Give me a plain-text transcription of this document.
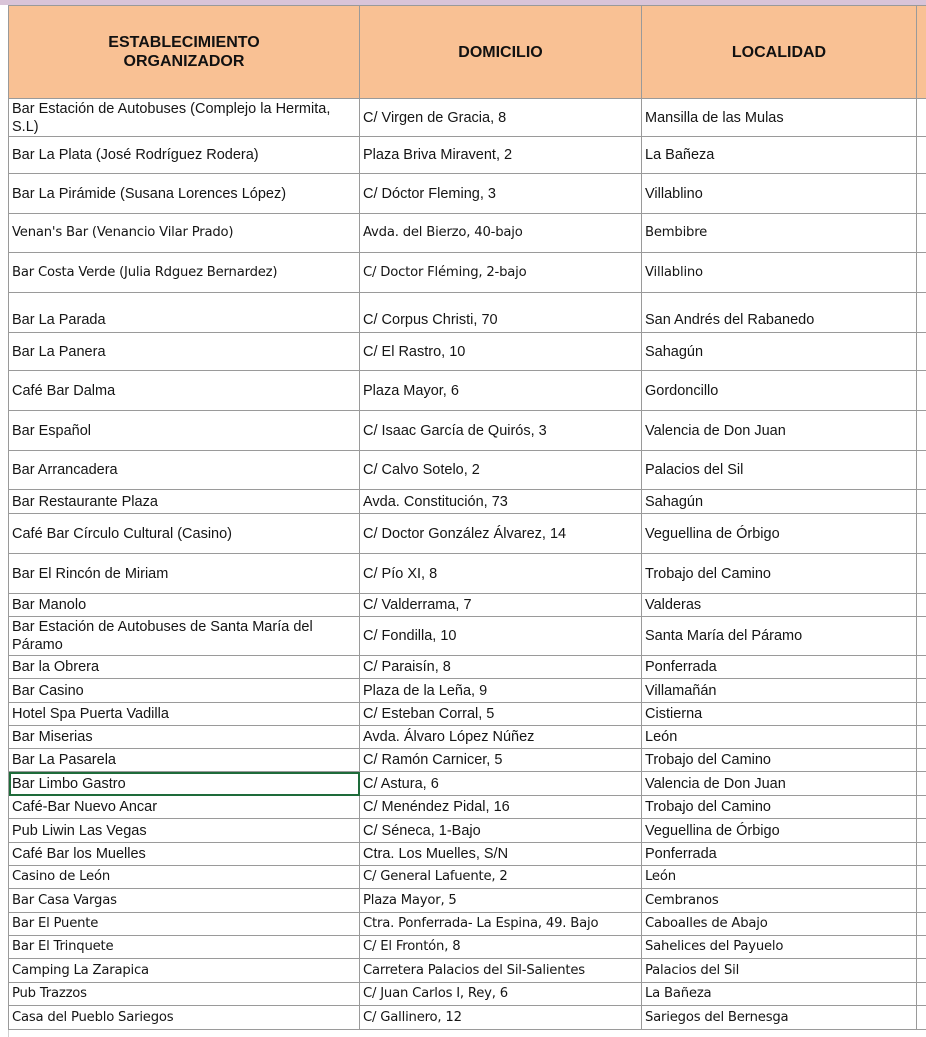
ESTABLECIMIENTO
ORGANIZADOR	DOMICILIO	LOCALIDAD	

Bar Estación de Autobuses (Complejo la Hermita, S.L)	C/ Virgen de Gracia, 8	Mansilla de las Mulas	
Bar La Plata (José Rodríguez Rodera)	Plaza Briva Miravent, 2	La Bañeza	
Bar La Pirámide (Susana Lorences López)	C/ Dóctor Fleming, 3	Villablino	
Venan's Bar (Venancio Vilar Prado)	Avda. del Bierzo, 40-bajo	Bembibre	
Bar Costa Verde (Julia Rdguez Bernardez)	C/ Doctor Fléming, 2-bajo	Villablino	
Bar La Parada	C/ Corpus Christi, 70	San Andrés del Rabanedo	
Bar La Panera	C/ El Rastro, 10	Sahagún	
Café Bar Dalma	Plaza Mayor, 6	Gordoncillo	
Bar Español	C/ Isaac García de Quirós, 3	Valencia de Don Juan	
Bar Arrancadera	C/ Calvo Sotelo, 2	Palacios del Sil	
Bar Restaurante Plaza	Avda. Constitución, 73	Sahagún	
Café Bar Círculo Cultural (Casino)	C/ Doctor González Álvarez, 14	Veguellina de Órbigo	
Bar El Rincón de Miriam	C/ Pío XI, 8	Trobajo del Camino	
Bar Manolo	C/ Valderrama, 7	Valderas	
Bar Estación de Autobuses de Santa María del Páramo	C/ Fondilla, 10	Santa María del Páramo	
Bar la Obrera	C/ Paraisín, 8	Ponferrada	
Bar Casino	Plaza de la Leña, 9	Villamañán	
Hotel Spa Puerta Vadilla	C/ Esteban Corral, 5	Cistierna	
Bar Miserias	Avda. Álvaro López Núñez	León	
Bar La Pasarela	C/ Ramón Carnicer, 5	Trobajo del Camino	
Bar Limbo Gastro	C/ Astura, 6	Valencia de Don Juan	
Café-Bar Nuevo Ancar	C/ Menéndez Pidal, 16	Trobajo del Camino	
Pub Liwin Las Vegas	C/ Séneca, 1-Bajo	Veguellina de Órbigo	
Café Bar los Muelles	Ctra. Los Muelles, S/N	Ponferrada	
Casino de León	C/ General Lafuente, 2	León	
Bar Casa Vargas	Plaza Mayor, 5	Cembranos	
Bar El Puente	Ctra. Ponferrada- La Espina, 49. Bajo	Caboalles de Abajo	
Bar El Trinquete	C/ El Frontón, 8	Sahelices del Payuelo	
Camping La Zarapica	Carretera Palacios del Sil-Salientes	Palacios del Sil	
Pub Trazzos	C/ Juan Carlos I, Rey, 6	La Bañeza	
Casa del Pueblo Sariegos	C/ Gallinero, 12	Sariegos del Bernesga	
